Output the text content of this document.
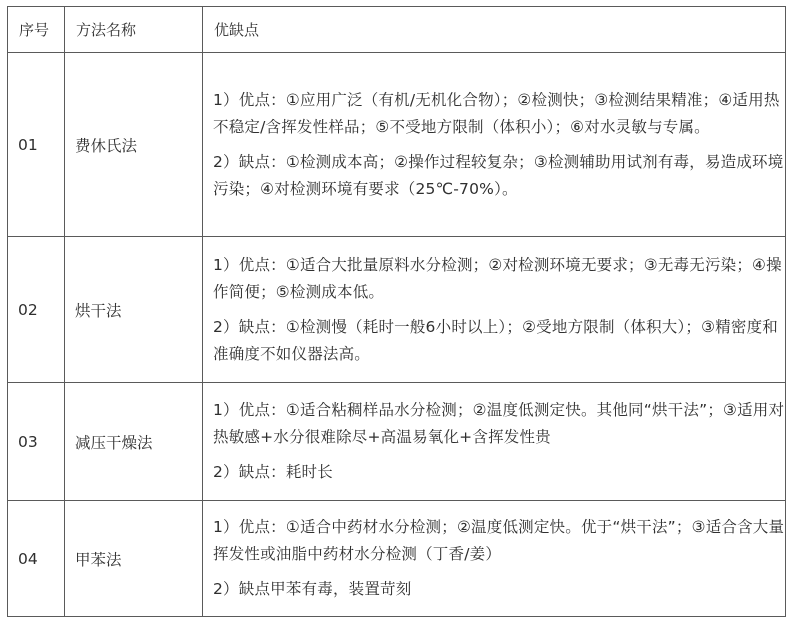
序号	方法名称	优缺点
01	费休氏法	1）优点：①应用广泛（有机/无机化合物）；②检测快；③检测结果精准；④适用热不稳定/含挥发性样品；⑤不受地方限制（体积小）；⑥对水灵敏与专属。

2）缺点：①检测成本高；②操作过程较复杂；③检测辅助用试剂有毒，易造成环境污染；④对检测环境有要求（25℃-70%）。

02	烘干法	1）优点：①适合大批量原料水分检测；②对检测环境无要求；③无毒无污染；④操作简便；⑤检测成本低。

2）缺点：①检测慢（耗时一般6小时以上）；②受地方限制（体积大）；③精密度和准确度不如仪器法高。

03	减压干燥法	1）优点：①适合粘稠样品水分检测；②温度低测定快。其他同“烘干法”；③适用对热敏感+水分很难除尽+高温易氧化+含挥发性贵

2）缺点：耗时长

04	甲苯法	1）优点：①适合中药材水分检测；②温度低测定快。优于“烘干法”；③适合含大量挥发性或油脂中药材水分检测（丁香/姜）

2）缺点甲苯有毒，装置苛刻
